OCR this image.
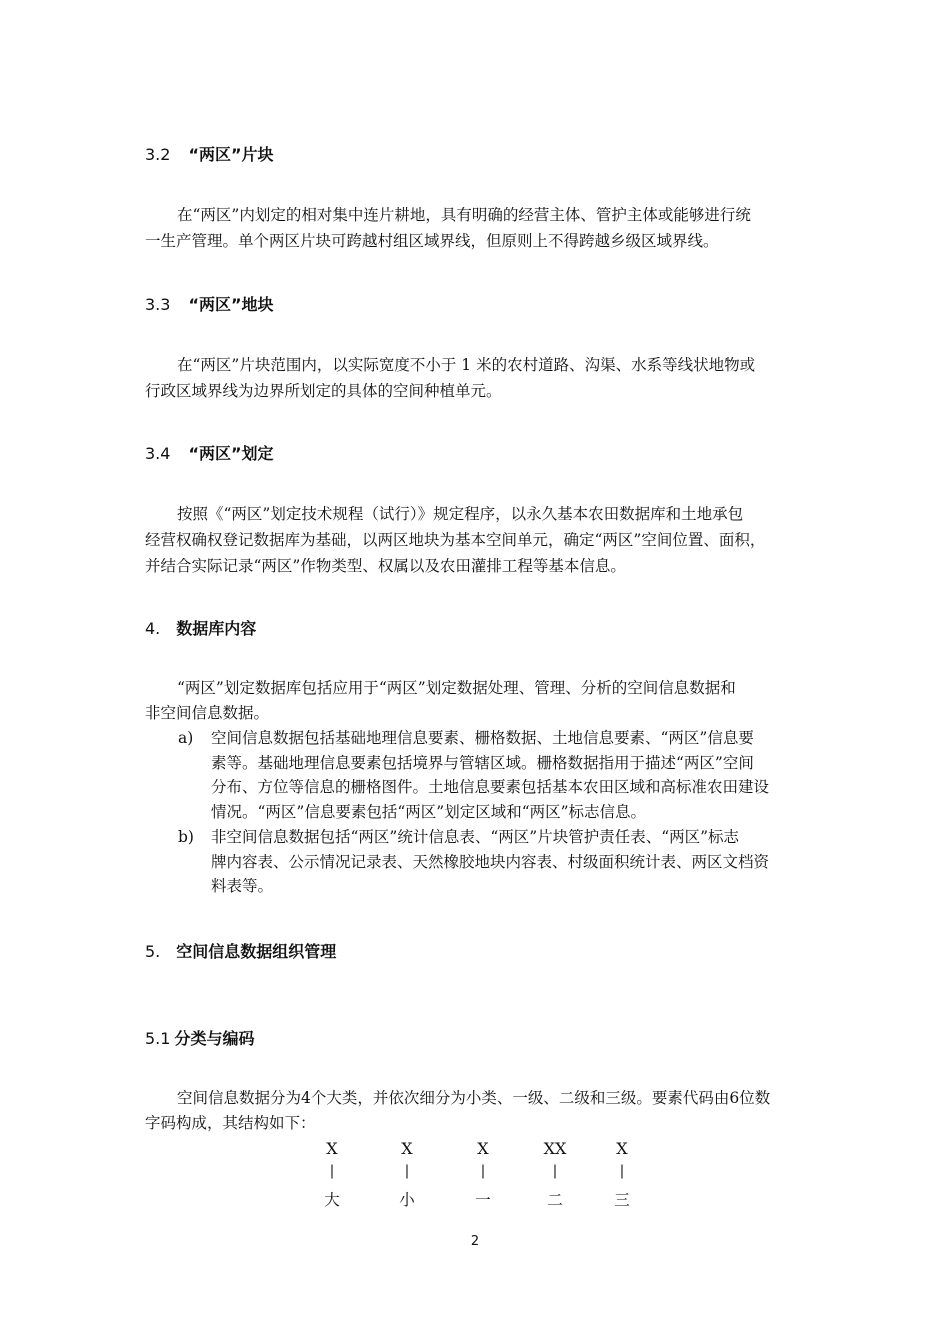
3.2 “两区”片块
在“两区”内划定的相对集中连片耕地，具有明确的经营主体、管护主体或能够进行统
一生产管理。单个两区片块可跨越村组区域界线，但原则上不得跨越乡级区域界线。
3.3 “两区”地块
在“两区”片块范围内，以实际宽度不小于 1 米的农村道路、沟渠、水系等线状地物或
行政区域界线为边界所划定的具体的空间种植单元。
3.4 “两区”划定
按照《“两区”划定技术规程（试行）》规定程序，以永久基本农田数据库和土地承包
经营权确权登记数据库为基础，以两区地块为基本空间单元，确定“两区”空间位置、面积，
并结合实际记录“两区”作物类型、权属以及农田灌排工程等基本信息。
4. 数据库内容
“两区”划定数据库包括应用于“两区”划定数据处理、管理、分析的空间信息数据和
非空间信息数据。
a) 空间信息数据包括基础地理信息要素、栅格数据、土地信息要素、“两区”信息要
素等。基础地理信息要素包括境界与管辖区域。栅格数据指用于描述“两区”空间
分布、方位等信息的栅格图件。土地信息要素包括基本农田区域和高标准农田建设
情况。“两区”信息要素包括“两区”划定区域和“两区”标志信息。
b) 非空间信息数据包括“两区”统计信息表、“两区”片块管护责任表、“两区”标志
牌内容表、公示情况记录表、天然橡胶地块内容表、村级面积统计表、两区文档资
料表等。
5. 空间信息数据组织管理
5.1 分类与编码
空间信息数据分为4个大类，并依次细分为小类、一级、二级和三级。要素代码由6位数
字码构成，其结构如下：
X	X	X	XX	X
|	|	|	|	|
大	小	一	二	三
2
